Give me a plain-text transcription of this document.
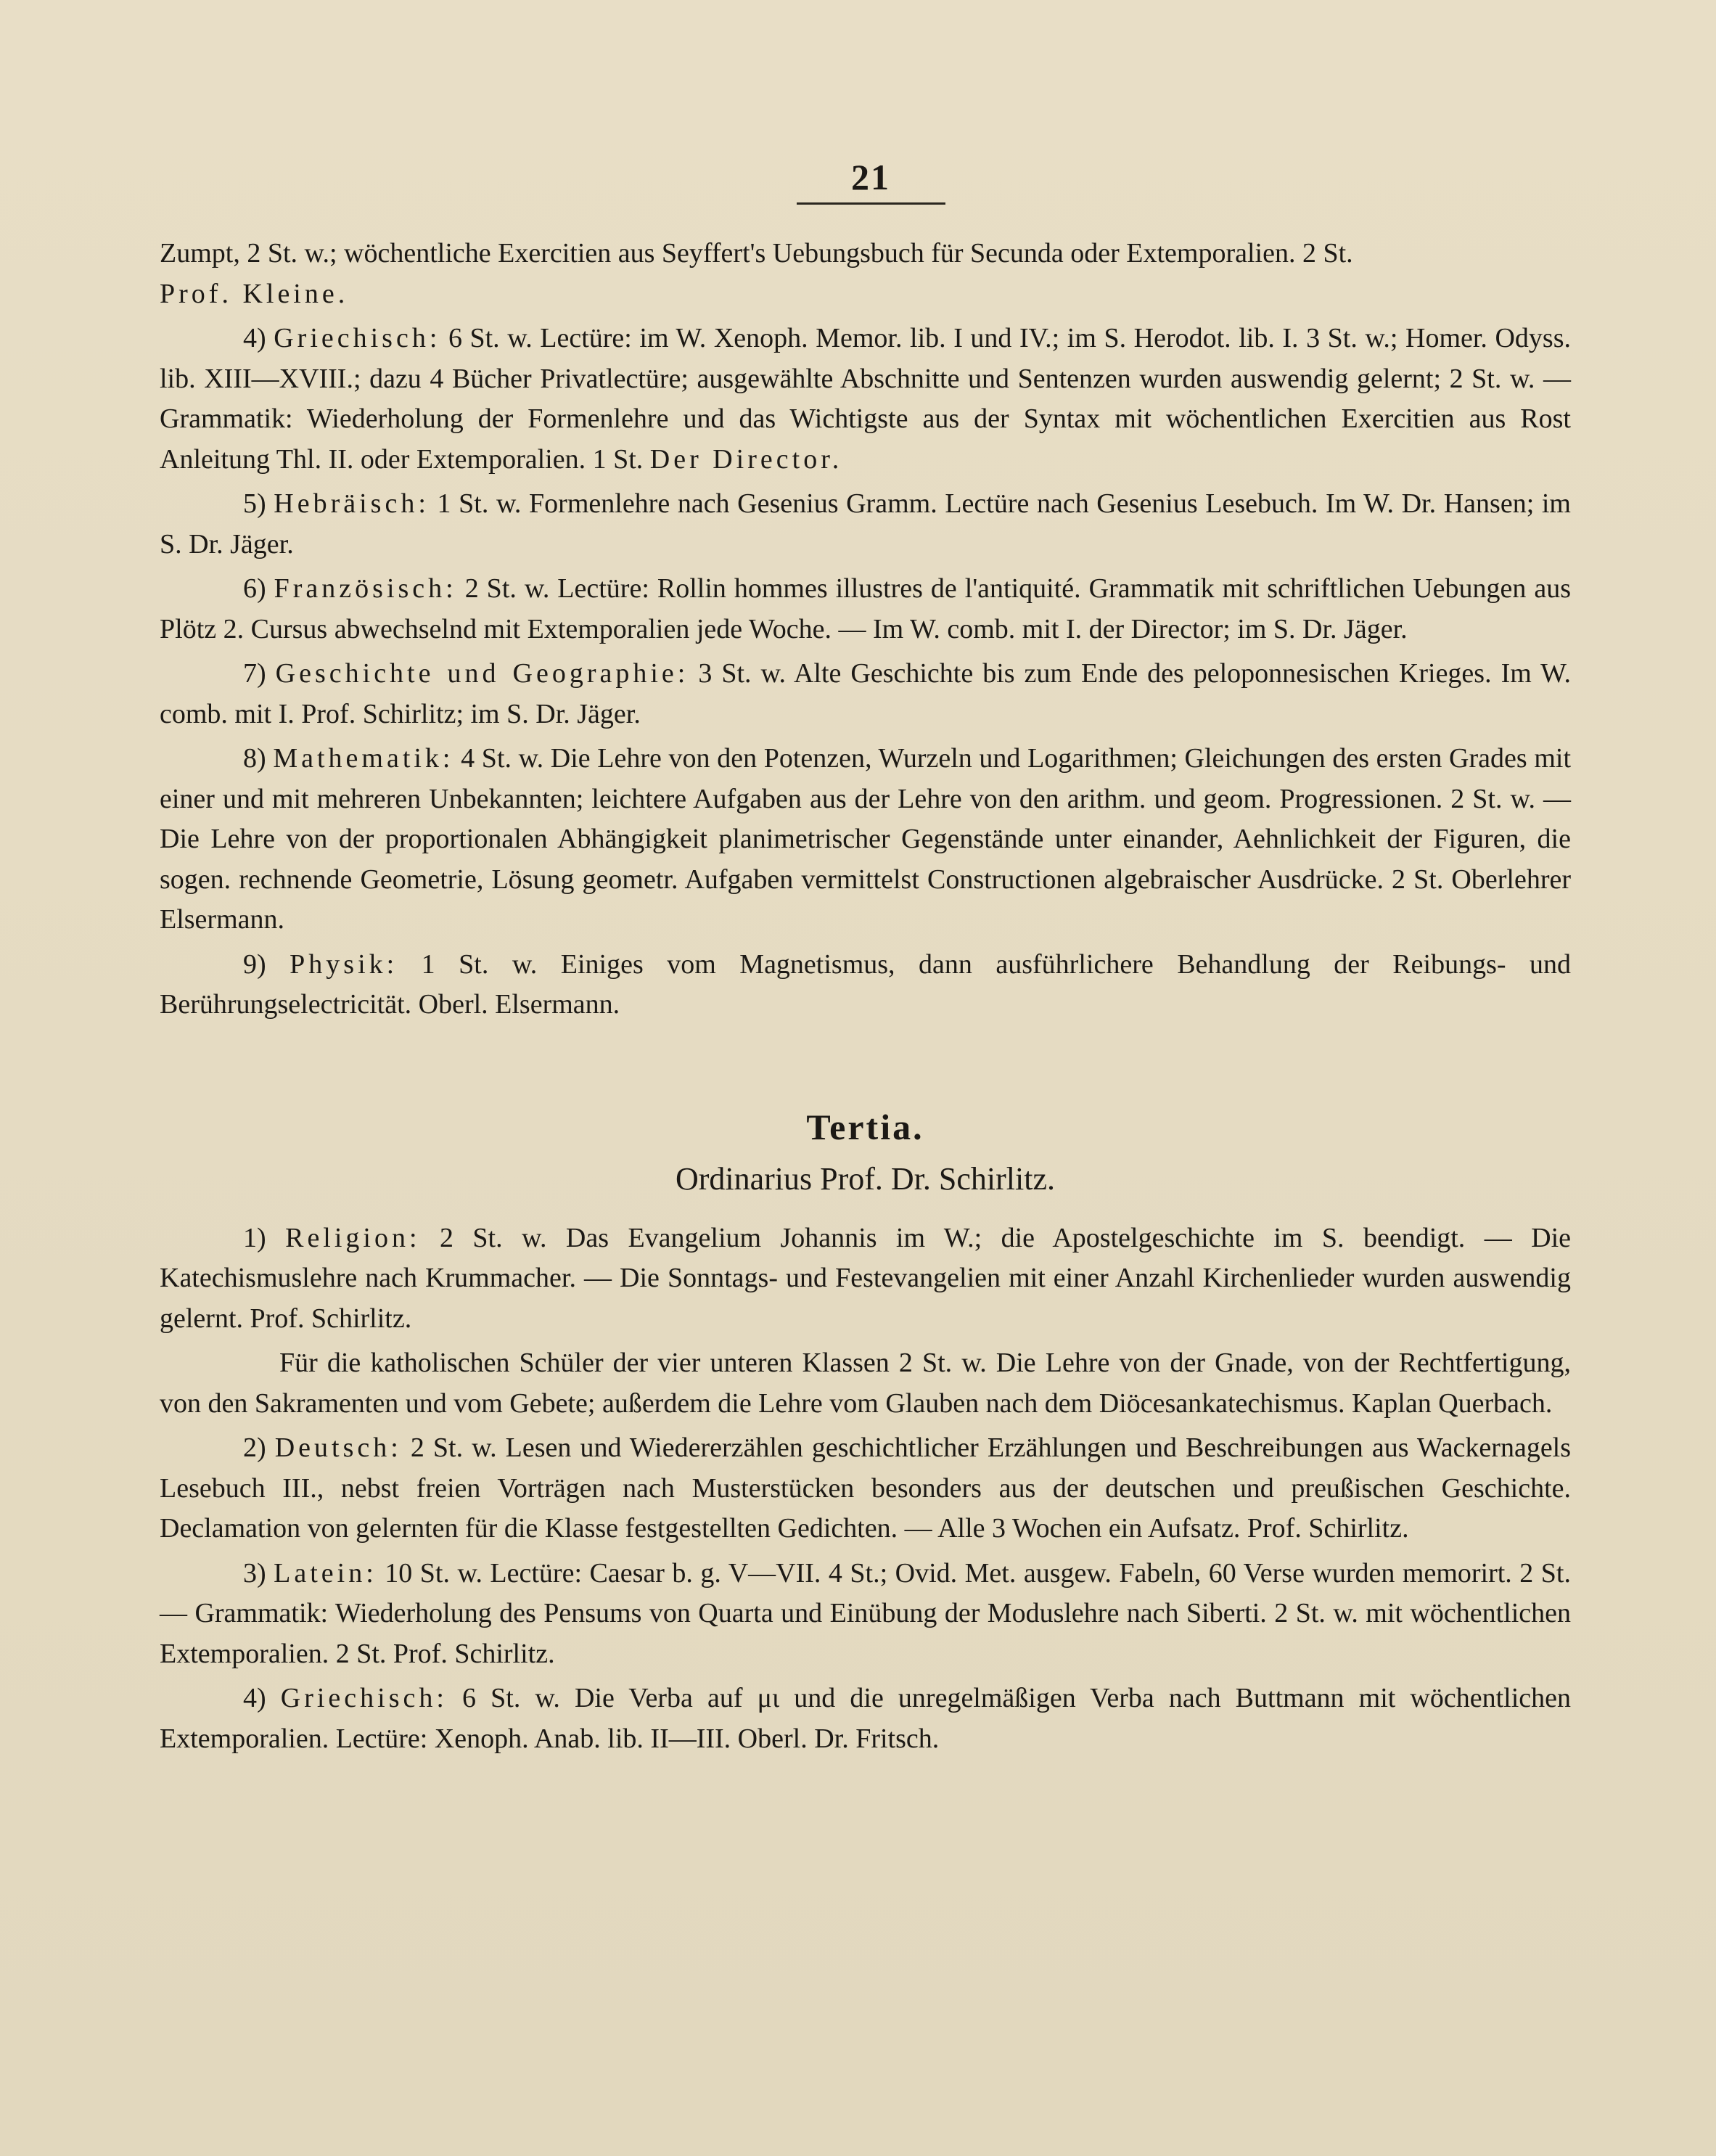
21

Zumpt, 2 St. w.; wöchentliche Exercitien aus Seyffert's Uebungsbuch für Secunda oder Extemporalien. 2 St.
Prof. Kleine.

4) Griechisch: 6 St. w. Lectüre: im W. Xenoph. Memor. lib. I und IV.; im S. Herodot. lib. I. 3 St. w.; Homer. Odyss. lib. XIII—XVIII.; dazu 4 Bücher Privatlectüre; ausgewählte Abschnitte und Sentenzen wurden auswendig gelernt; 2 St. w. — Grammatik: Wiederholung der Formenlehre und das Wichtigste aus der Syntax mit wöchentlichen Exercitien aus Rost Anleitung Thl. II. oder Extemporalien. 1 St. Der Director.

5) Hebräisch: 1 St. w. Formenlehre nach Gesenius Gramm. Lectüre nach Gesenius Lesebuch. Im W. Dr. Hansen; im S. Dr. Jäger.

6) Französisch: 2 St. w. Lectüre: Rollin hommes illustres de l'antiquité. Grammatik mit schriftlichen Uebungen aus Plötz 2. Cursus abwechselnd mit Extemporalien jede Woche. — Im W. comb. mit I. der Director; im S. Dr. Jäger.

7) Geschichte und Geographie: 3 St. w. Alte Geschichte bis zum Ende des peloponnesischen Krieges. Im W. comb. mit I. Prof. Schirlitz; im S. Dr. Jäger.

8) Mathematik: 4 St. w. Die Lehre von den Potenzen, Wurzeln und Logarithmen; Gleichungen des ersten Grades mit einer und mit mehreren Unbekannten; leichtere Aufgaben aus der Lehre von den arithm. und geom. Progressionen. 2 St. w. — Die Lehre von der proportionalen Abhängigkeit planimetrischer Gegenstände unter einander, Aehnlichkeit der Figuren, die sogen. rechnende Geometrie, Lösung geometr. Aufgaben vermittelst Constructionen algebraischer Ausdrücke. 2 St. Oberlehrer Elsermann.

9) Physik: 1 St. w. Einiges vom Magnetismus, dann ausführlichere Behandlung der Reibungs- und Berührungselectricität. Oberl. Elsermann.

Tertia.
Ordinarius Prof. Dr. Schirlitz.

1) Religion: 2 St. w. Das Evangelium Johannis im W.; die Apostelgeschichte im S. beendigt. — Die Katechismuslehre nach Krummacher. — Die Sonntags- und Festevangelien mit einer Anzahl Kirchenlieder wurden auswendig gelernt. Prof. Schirlitz.

Für die katholischen Schüler der vier unteren Klassen 2 St. w. Die Lehre von der Gnade, von der Rechtfertigung, von den Sakramenten und vom Gebete; außerdem die Lehre vom Glauben nach dem Diöcesankatechismus. Kaplan Querbach.

2) Deutsch: 2 St. w. Lesen und Wiedererzählen geschichtlicher Erzählungen und Beschreibungen aus Wackernagels Lesebuch III., nebst freien Vorträgen nach Musterstücken besonders aus der deutschen und preußischen Geschichte. Declamation von gelernten für die Klasse festgestellten Gedichten. — Alle 3 Wochen ein Aufsatz. Prof. Schirlitz.

3) Latein: 10 St. w. Lectüre: Caesar b. g. V—VII. 4 St.; Ovid. Met. ausgew. Fabeln, 60 Verse wurden memorirt. 2 St. — Grammatik: Wiederholung des Pensums von Quarta und Einübung der Moduslehre nach Siberti. 2 St. w. mit wöchentlichen Extemporalien. 2 St. Prof. Schirlitz.

4) Griechisch: 6 St. w. Die Verba auf μι und die unregelmäßigen Verba nach Buttmann mit wöchentlichen Extemporalien. Lectüre: Xenoph. Anab. lib. II—III. Oberl. Dr. Fritsch.
